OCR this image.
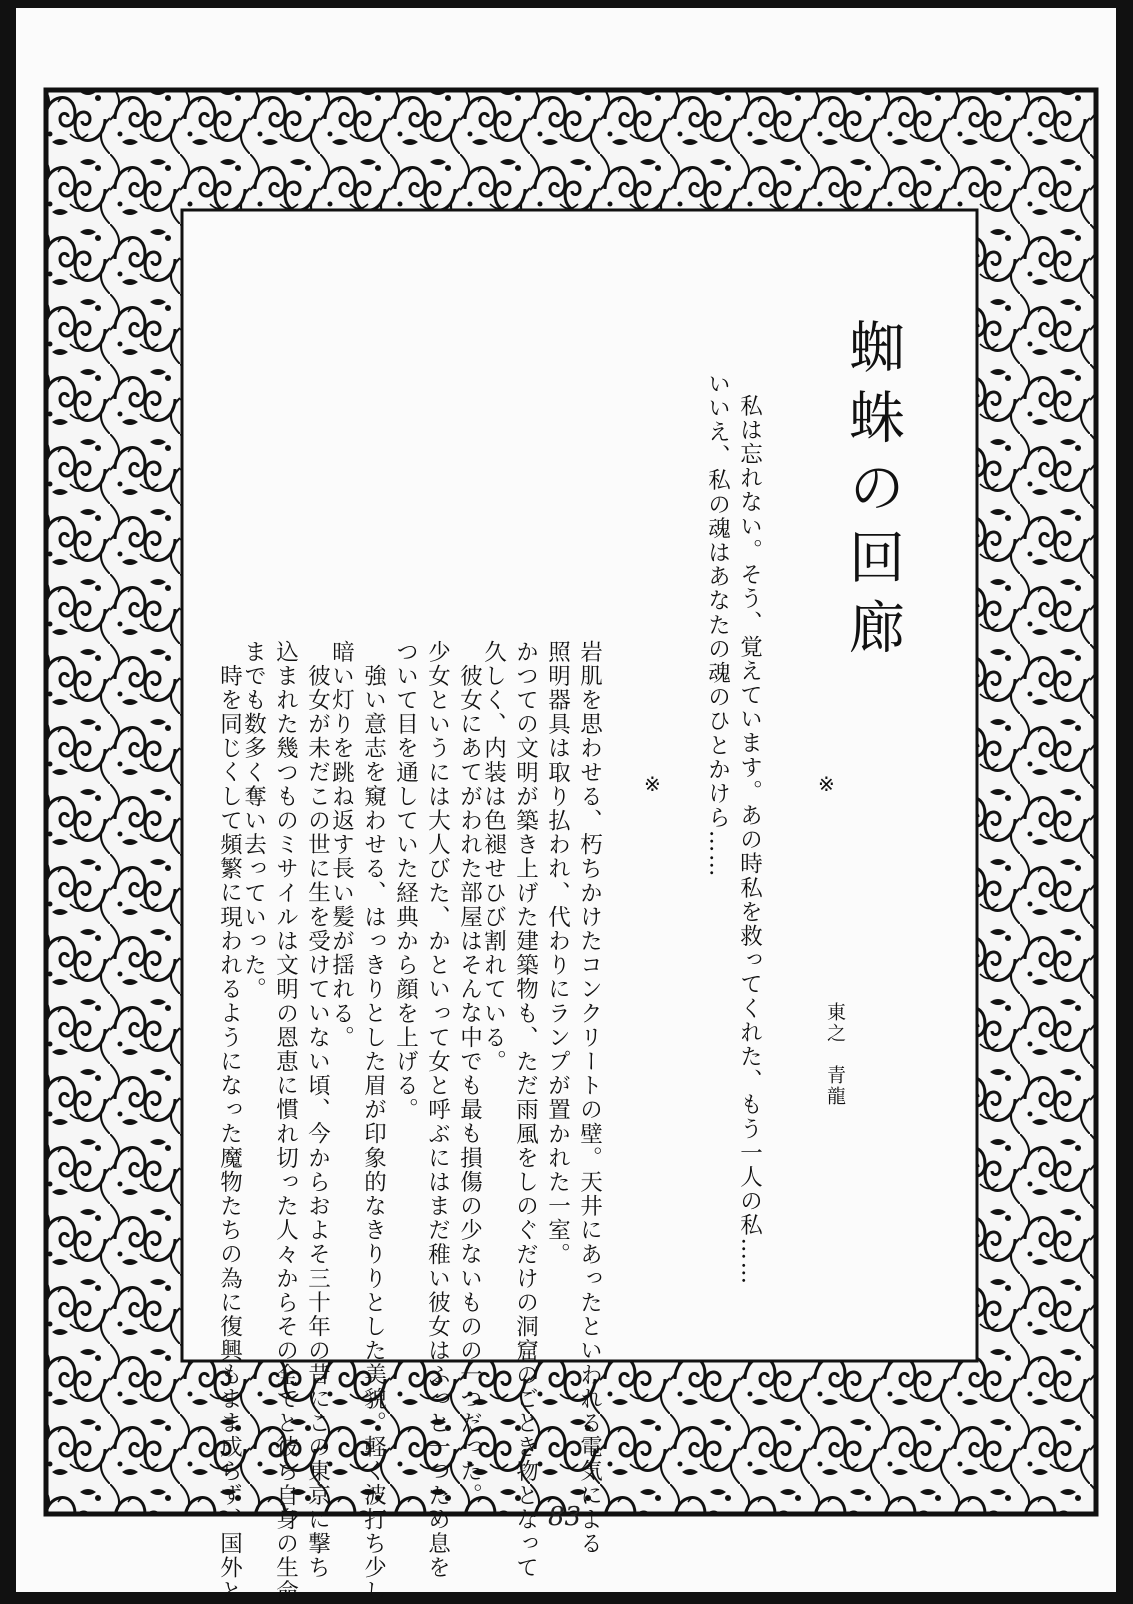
蜘蛛の回廊
私は忘れない。そう、覚えています。あの時私を救ってくれた、もう一人の私……
いいえ、私の魂はあなたの魂のひとかけら……	※
※
東之　青龍
岩肌を思わせる、朽ちかけたコンクリートの壁。天井にあったといわれる電気による
照明器具は取り払われ、代わりにランプが置かれた一室。
かつての文明が築き上げた建築物も、ただ雨風をしのぐだけの洞窟のごとき物となって
久しく、内装は色褪せひび割れている。
彼女にあてがわれた部屋はそんな中でも最も損傷の少ないものの一つだった。
少女というには大人びた、かといって女と呼ぶにはまだ稚い彼女はふっと一つため息を
ついて目を通していた経典から顔を上げる。
強い意志を窺わせる、はっきりとした眉が印象的なきりりとした美貌。軽く波打ち少し
暗い灯りを跳ね返す長い髪が揺れる。
彼女が未だこの世に生を受けていない頃、今からおよそ三十年の昔にこの東京に撃ち
込まれた幾つものミサイルは文明の恩恵に慣れ切った人々からその全てと彼ら自身の生命
までも数多く奪い去っていった。
時を同じくして頻繁に現われるようになった魔物たちの為に復興もまま成らず、国外と	83
